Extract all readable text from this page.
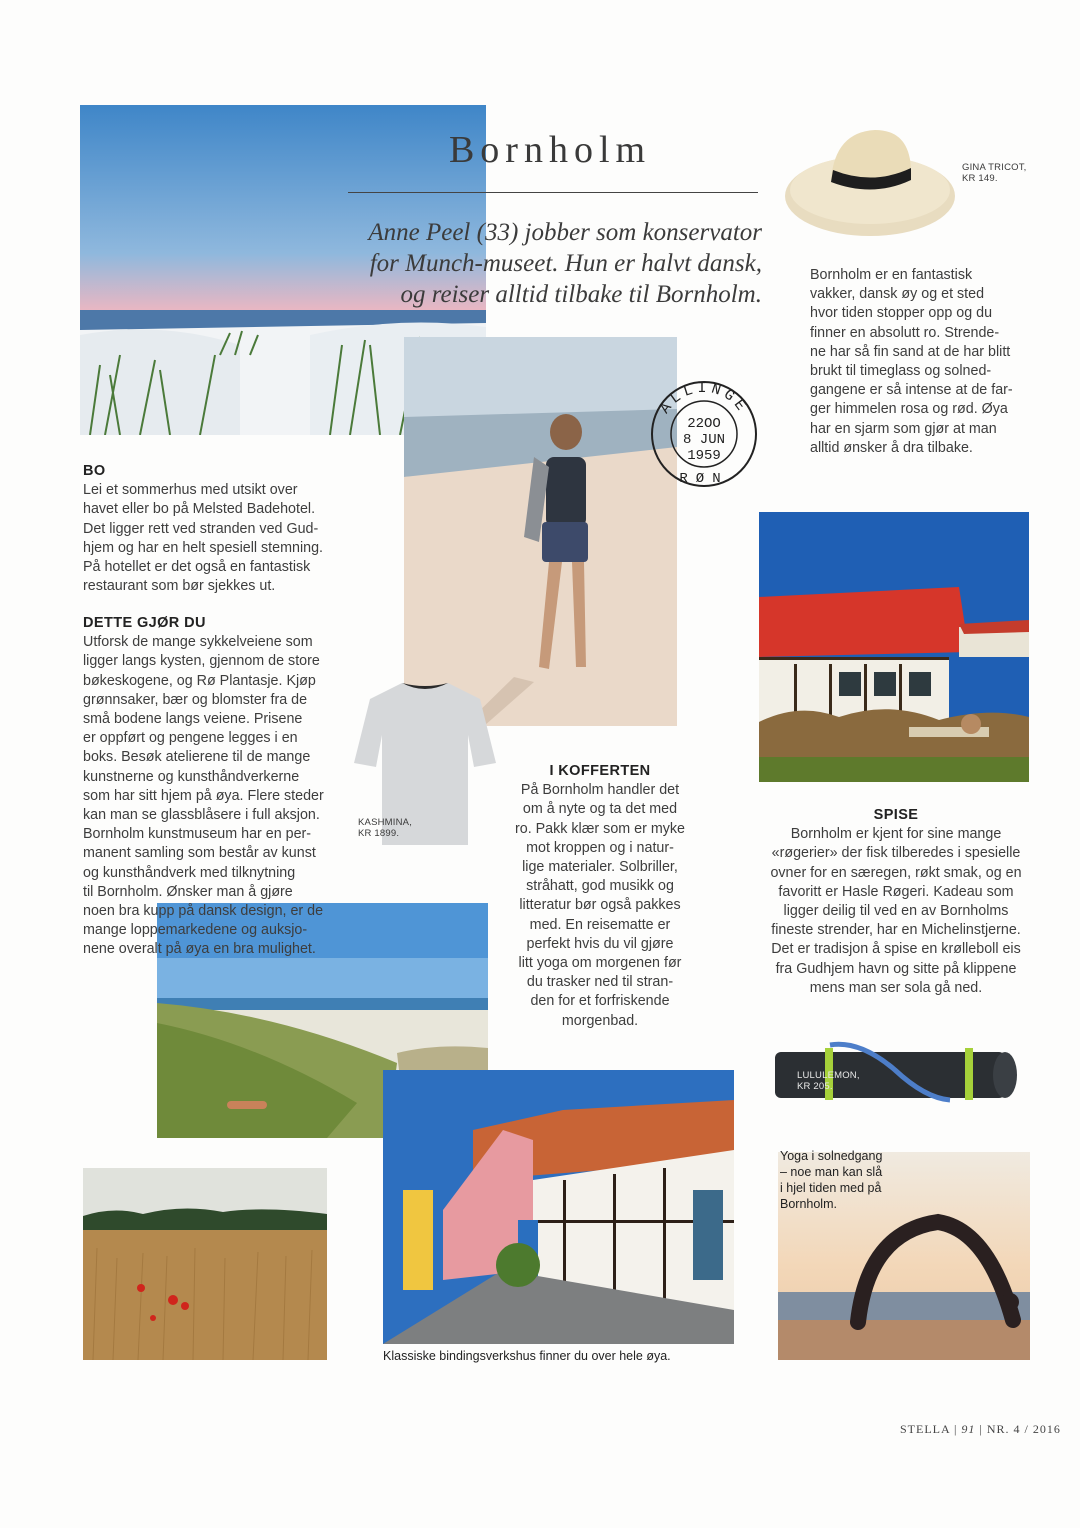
GINA TRICOT,
KR 149.
ALLINGE
22OO
8 JUN
1959
RØN
KASHMINA,
KR 1899.
LULULEMON,
KR 205.
Bornholm
Anne Peel (33) jobber som konservator
for Munch-museet. Hun er halvt dansk,
og reiser alltid tilbake til Bornholm.
Bornholm er en fantastisk
vakker, dansk øy og et sted
hvor tiden stopper opp og du
finner en absolutt ro. Strende-
ne har så fin sand at de har blitt
brukt til timeglass og solned-
gangene er så intense at de far-
ger himmelen rosa og rød. Øya
har en sjarm som gjør at man
alltid ønsker å dra tilbake.
BO
Lei et sommerhus med utsikt over
havet eller bo på Melsted Badehotel.
Det ligger rett ved stranden ved Gud-
hjem og har en helt spesiell stemning.
På hotellet er det også en fantastisk
restaurant som bør sjekkes ut.
DETTE GJØR DU
Utforsk de mange sykkelveiene som
ligger langs kysten, gjennom de store
bøkeskogene, og Rø Plantasje. Kjøp
grønnsaker, bær og blomster fra de
små bodene langs veiene. Prisene
er oppført og pengene legges i en
boks. Besøk atelierene til de mange
kunstnerne og kunsthåndverkerne
som har sitt hjem på øya. Flere steder
kan man se glassblåsere i full aksjon.
Bornholm kunstmuseum har en per-
manent samling som består av kunst
og kunsthåndverk med tilknytning
til Bornholm. Ønsker man å gjøre
noen bra kupp på dansk design, er de
mange loppemarkedene og auksjo-
nene overalt på øya en bra mulighet.
I KOFFERTEN
På Bornholm handler det
om å nyte og ta det med
ro. Pakk klær som er myke
mot kroppen og i natur-
lige materialer. Solbriller,
stråhatt, god musikk og
litteratur bør også pakkes
med. En reisematte er
perfekt hvis du vil gjøre
litt yoga om morgenen før
du trasker ned til stran-
den for et forfriskende
morgenbad.
SPISE
Bornholm er kjent for sine mange
«røgerier» der fisk tilberedes i spesielle
ovner for en særegen, røkt smak, og en
favoritt er Hasle Røgeri. Kadeau som
ligger deilig til ved en av Bornholms
fineste strender, har en Michelinstjerne.
Det er tradisjon å spise en krølleboll eis
fra Gudhjem havn og sitte på klippene
mens man ser sola gå ned.
Yoga i solnedgang
– noe man kan slå
i hjel tiden med på
Bornholm.
Klassiske bindingsverkshus finner du over hele øya.
STELLA | 91 | NR. 4 / 2016
